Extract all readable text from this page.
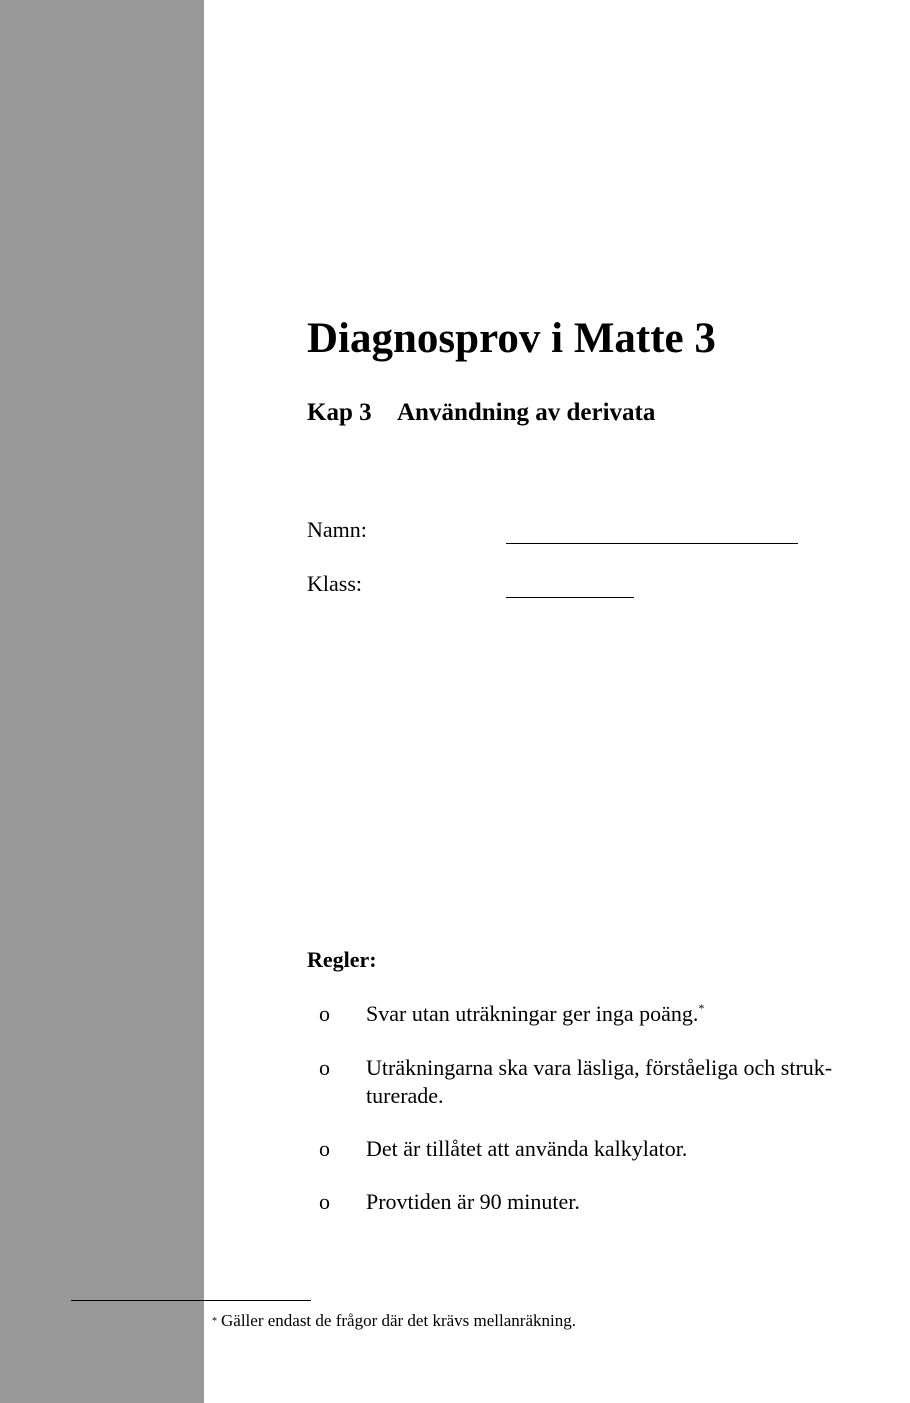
Diagnosprov i Matte 3
Kap 3 Användning av derivata
Namn:
Klass:
Regler:
o Svar utan uträkningar ger inga poäng.*
o Uträkningarna ska vara läsliga, förståeliga och struk- turerade.
o Det är tillåtet att använda kalkylator.
o Provtiden är 90 minuter.
* Gäller endast de frågor där det krävs mellanräkning.
